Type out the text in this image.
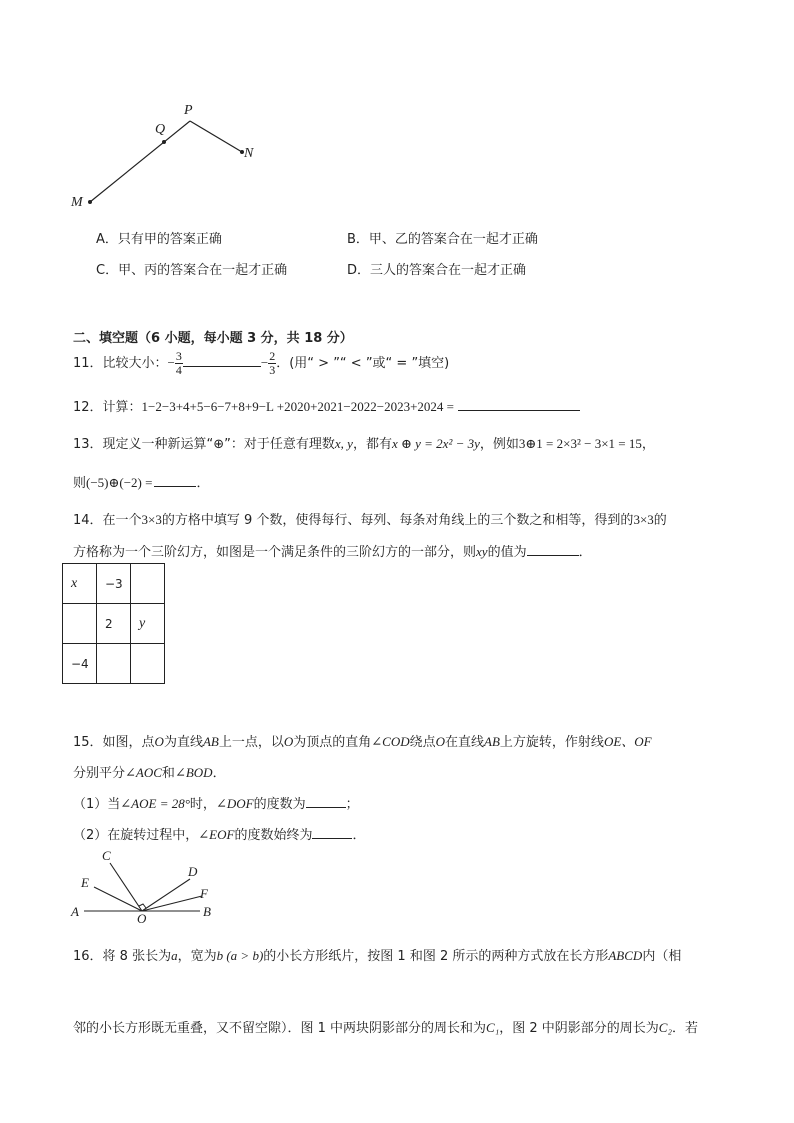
P
Q
N
M
A．只有甲的答案正确	B．甲、乙的答案合在一起才正确
C．甲、丙的答案合在一起才正确	D．三人的答案合在一起才正确
二、填空题（6 小题，每小题 3 分，共 18 分）
11．比较大小：− $\frac{3}{4}$	− $\frac{2}{3}$ ．(用“ > ”“ < ”或“ = ”填空)
12．计算：1−2−3+4+5−6−7+8+9−L +2020+2021−2022−2023+2024 =
13．现定义一种新运算“⊕”：对于任意有理数x, y，都有x ⊕ y = 2x² − 3y，例如3⊕1 = 2×3² − 3×1 = 15，
则(−5)⊕(−2) =	．
14．在一个3×3的方格中填写 9 个数，使得每行、每列、每条对角线上的三个数之和相等，得到的3×3的
方格称为一个三阶幻方，如图是一个满足条件的三阶幻方的一部分，则xy的值为	．
x	−3	
	2	y
−4		
15．如图，点O为直线AB上一点，以O为顶点的直角∠COD绕点O在直线AB上方旋转，作射线OE、OF
分别平分∠AOC和∠BOD．
（1）当∠AOE = 28°时，∠DOF的度数为	；
（2）在旋转过程中，∠EOF的度数始终为	．
C
E
D
F
A	B
O
16．将 8 张长为a，宽为b (a > b)的小长方形纸片，按图 1 和图 2 所示的两种方式放在长方形ABCD内（相
邻的小长方形既无重叠，又不留空隙）．图 1 中两块阴影部分的周长和为C₁，图 2 中阴影部分的周长为C₂．若
